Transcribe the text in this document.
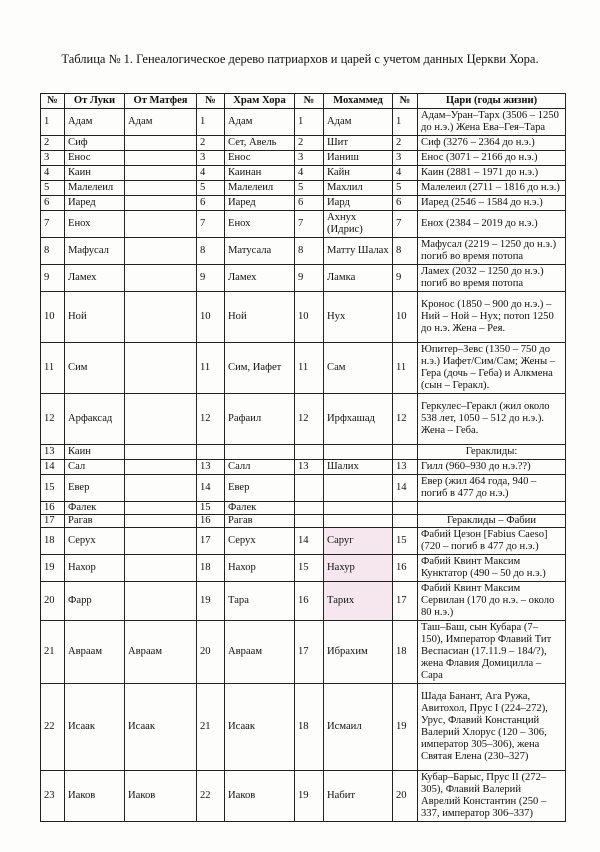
Таблица № 1. Генеалогическое дерево патриархов и царей с учетом данных Церкви Хора.
№	От Луки	От Матфея	№	Храм Хора	№	Мохаммед	№	Цари (годы жизни)
1	Адам	Адам	1	Адам	1	Адам	1	Адам–Уран–Тарх (3506 – 1250 до н.э.) Жена Ева–Гея–Тара
2	Сиф		2	Сет, Авель	2	Шит	2	Сиф (3276 – 2364 до н.э.)
3	Енос		3	Енос	3	Ианиш	3	Енос (3071 – 2166 до н.э.)
4	Каин		4	Каинан	4	Кайн	4	Каин (2881 – 1971 до н.э.)
5	Малелеил		5	Малелеил	5	Махлил	5	Малелеил (2711 – 1816 до н.э.)
6	Иаред		6	Иаред	6	Иард	6	Иаред (2546 – 1584 до н.э.)
7	Енох		7	Енох	7	Ахнух (Идрис)	7	Енох (2384 – 2019 до н.э.)
8	Мафусал		8	Матусала	8	Матту Шалах	8	Мафусал (2219 – 1250 до н.э.) погиб во время потопа
9	Ламех		9	Ламех	9	Ламка	9	Ламех (2032 – 1250 до н.э.) погиб во время потопа
10	Ной		10	Ной	10	Нух	10	Кронос (1850 – 900 до н.э.) – Ний – Ной – Нух; потоп 1250 до н.э. Жена – Рея.
11	Сим		11	Сим, Иафет	11	Сам	11	Юпитер–Зевс (1350 – 750 до н.э.) Иафет/Сим/Сам; Жены – Гера (дочь – Геба) и Алкмена (сын – Геракл).
12	Арфаксад		12	Рафаил	12	Ирфхашад	12	Геркулес–Геракл (жил около 538 лет, 1050 – 512 до н.э.). Жена – Геба.
13	Каин							Гераклиды:
14	Сал		13	Салл	13	Шалих	13	Гилл (960–930 до н.э.??)
15	Евер		14	Евер			14	Евер (жил 464 года, 940 – погиб в 477 до н.э.)
16	Фалек		15	Фалек				
17	Рагав		16	Рагав				Гераклиды – Фабии
18	Серух		17	Серух	14	Саруг	15	Фабий Цезон [Fabius Caeso] (720 – погиб в 477 до н.э.)
19	Нахор		18	Нахор	15	Нахур	16	Фабий Квинт Максим Кунктатор (490 – 50 до н.э.)
20	Фарр		19	Тара	16	Тарих	17	Фабий Квинт Максим Сервилан (170 до н.э. – около 80 н.э.)
21	Авраам	Авраам	20	Авраам	17	Ибрахим	18	Таш–Баш, сын Кубара (7– 150), Император Флавий Тит Веспасиан (17.11.9 – 184/?), жена Флавия Домицилла – Сара
22	Исаак	Исаак	21	Исаак	18	Исмаил	19	Шада Банант, Ага Ружа, Авитохол, Прус I (224–272), Урус, Флавий Констанций Валерий Хлорус (120 – 306, император 305–306), жена Святая Елена (230–327)
23	Иаков	Иаков	22	Иаков	19	Набит	20	Кубар–Барыс, Прус II (272– 305), Флавий Валерий Аврелий Константин (250 – 337, император 306–337)
